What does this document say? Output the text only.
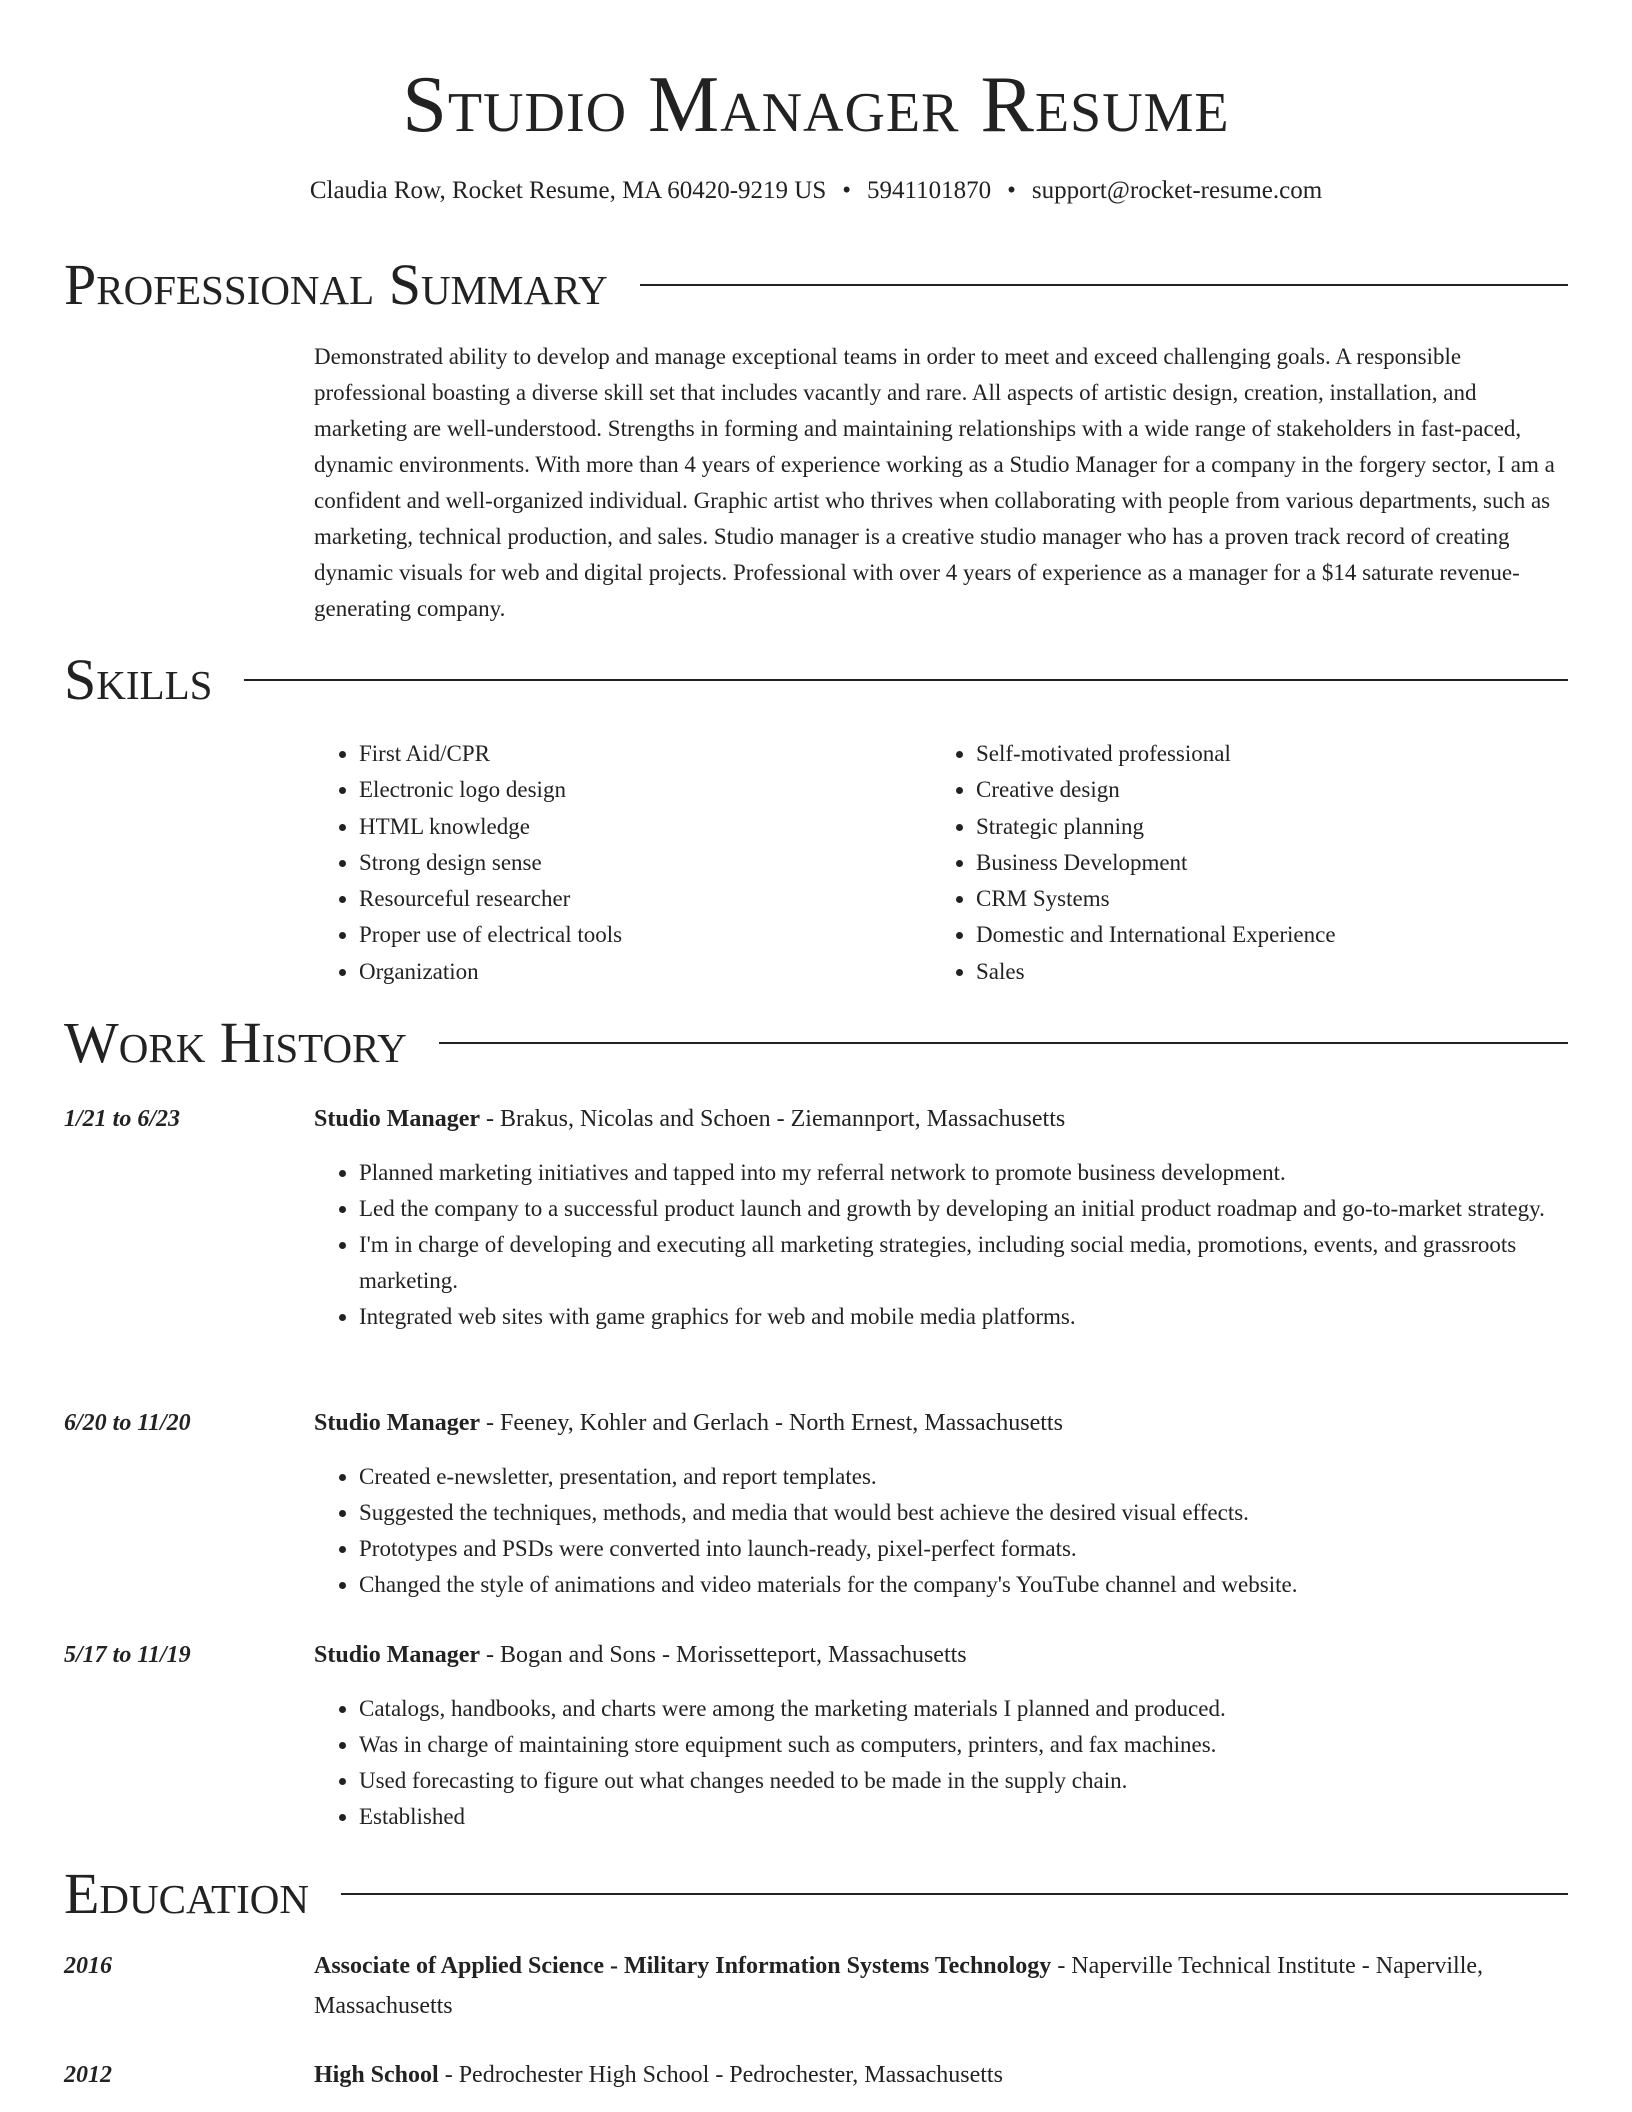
Studio Manager Resume
Claudia Row, Rocket Resume, MA 60420-9219 US • 5941101870 • support@rocket-resume.com
Professional Summary

Demonstrated ability to develop and manage exceptional teams in order to meet and exceed challenging goals. A responsible professional boasting a diverse skill set that includes vacantly and rare. All aspects of artistic design, creation, installation, and marketing are well-understood. Strengths in forming and maintaining relationships with a wide range of stakeholders in fast-paced, dynamic environments. With more than 4 years of experience working as a Studio Manager for a company in the forgery sector, I am a confident and well-organized individual. Graphic artist who thrives when collaborating with people from various departments, such as marketing, technical production, and sales. Studio manager is a creative studio manager who has a proven track record of creating dynamic visuals for web and digital projects. Professional with over 4 years of experience as a manager for a $14 saturate revenue-generating company.

Skills
• First Aid/CPR
• Electronic logo design
• HTML knowledge
• Strong design sense
• Resourceful researcher
• Proper use of electrical tools
• Organization
• Self-motivated professional
• Creative design
• Strategic planning
• Business Development
• CRM Systems
• Domestic and International Experience
• Sales
Work History
1/21 to 6/23	Studio Manager - Brakus, Nicolas and Schoen - Ziemannport, Massachusetts
• Planned marketing initiatives and tapped into my referral network to promote business development.
• Led the company to a successful product launch and growth by developing an initial product roadmap and go-to-market strategy.
• I'm in charge of developing and executing all marketing strategies, including social media, promotions, events, and grassroots marketing.
• Integrated web sites with game graphics for web and mobile media platforms.
6/20 to 11/20	Studio Manager - Feeney, Kohler and Gerlach - North Ernest, Massachusetts
• Created e-newsletter, presentation, and report templates.
• Suggested the techniques, methods, and media that would best achieve the desired visual effects.
• Prototypes and PSDs were converted into launch-ready, pixel-perfect formats.
• Changed the style of animations and video materials for the company's YouTube channel and website.
5/17 to 11/19	Studio Manager - Bogan and Sons - Morissetteport, Massachusetts
• Catalogs, handbooks, and charts were among the marketing materials I planned and produced.
• Was in charge of maintaining store equipment such as computers, printers, and fax machines.
• Used forecasting to figure out what changes needed to be made in the supply chain.
• Established
Education
2016	Associate of Applied Science - Military Information Systems Technology - Naperville Technical Institute - Naperville, Massachusetts
2012	High School - Pedrochester High School - Pedrochester, Massachusetts
